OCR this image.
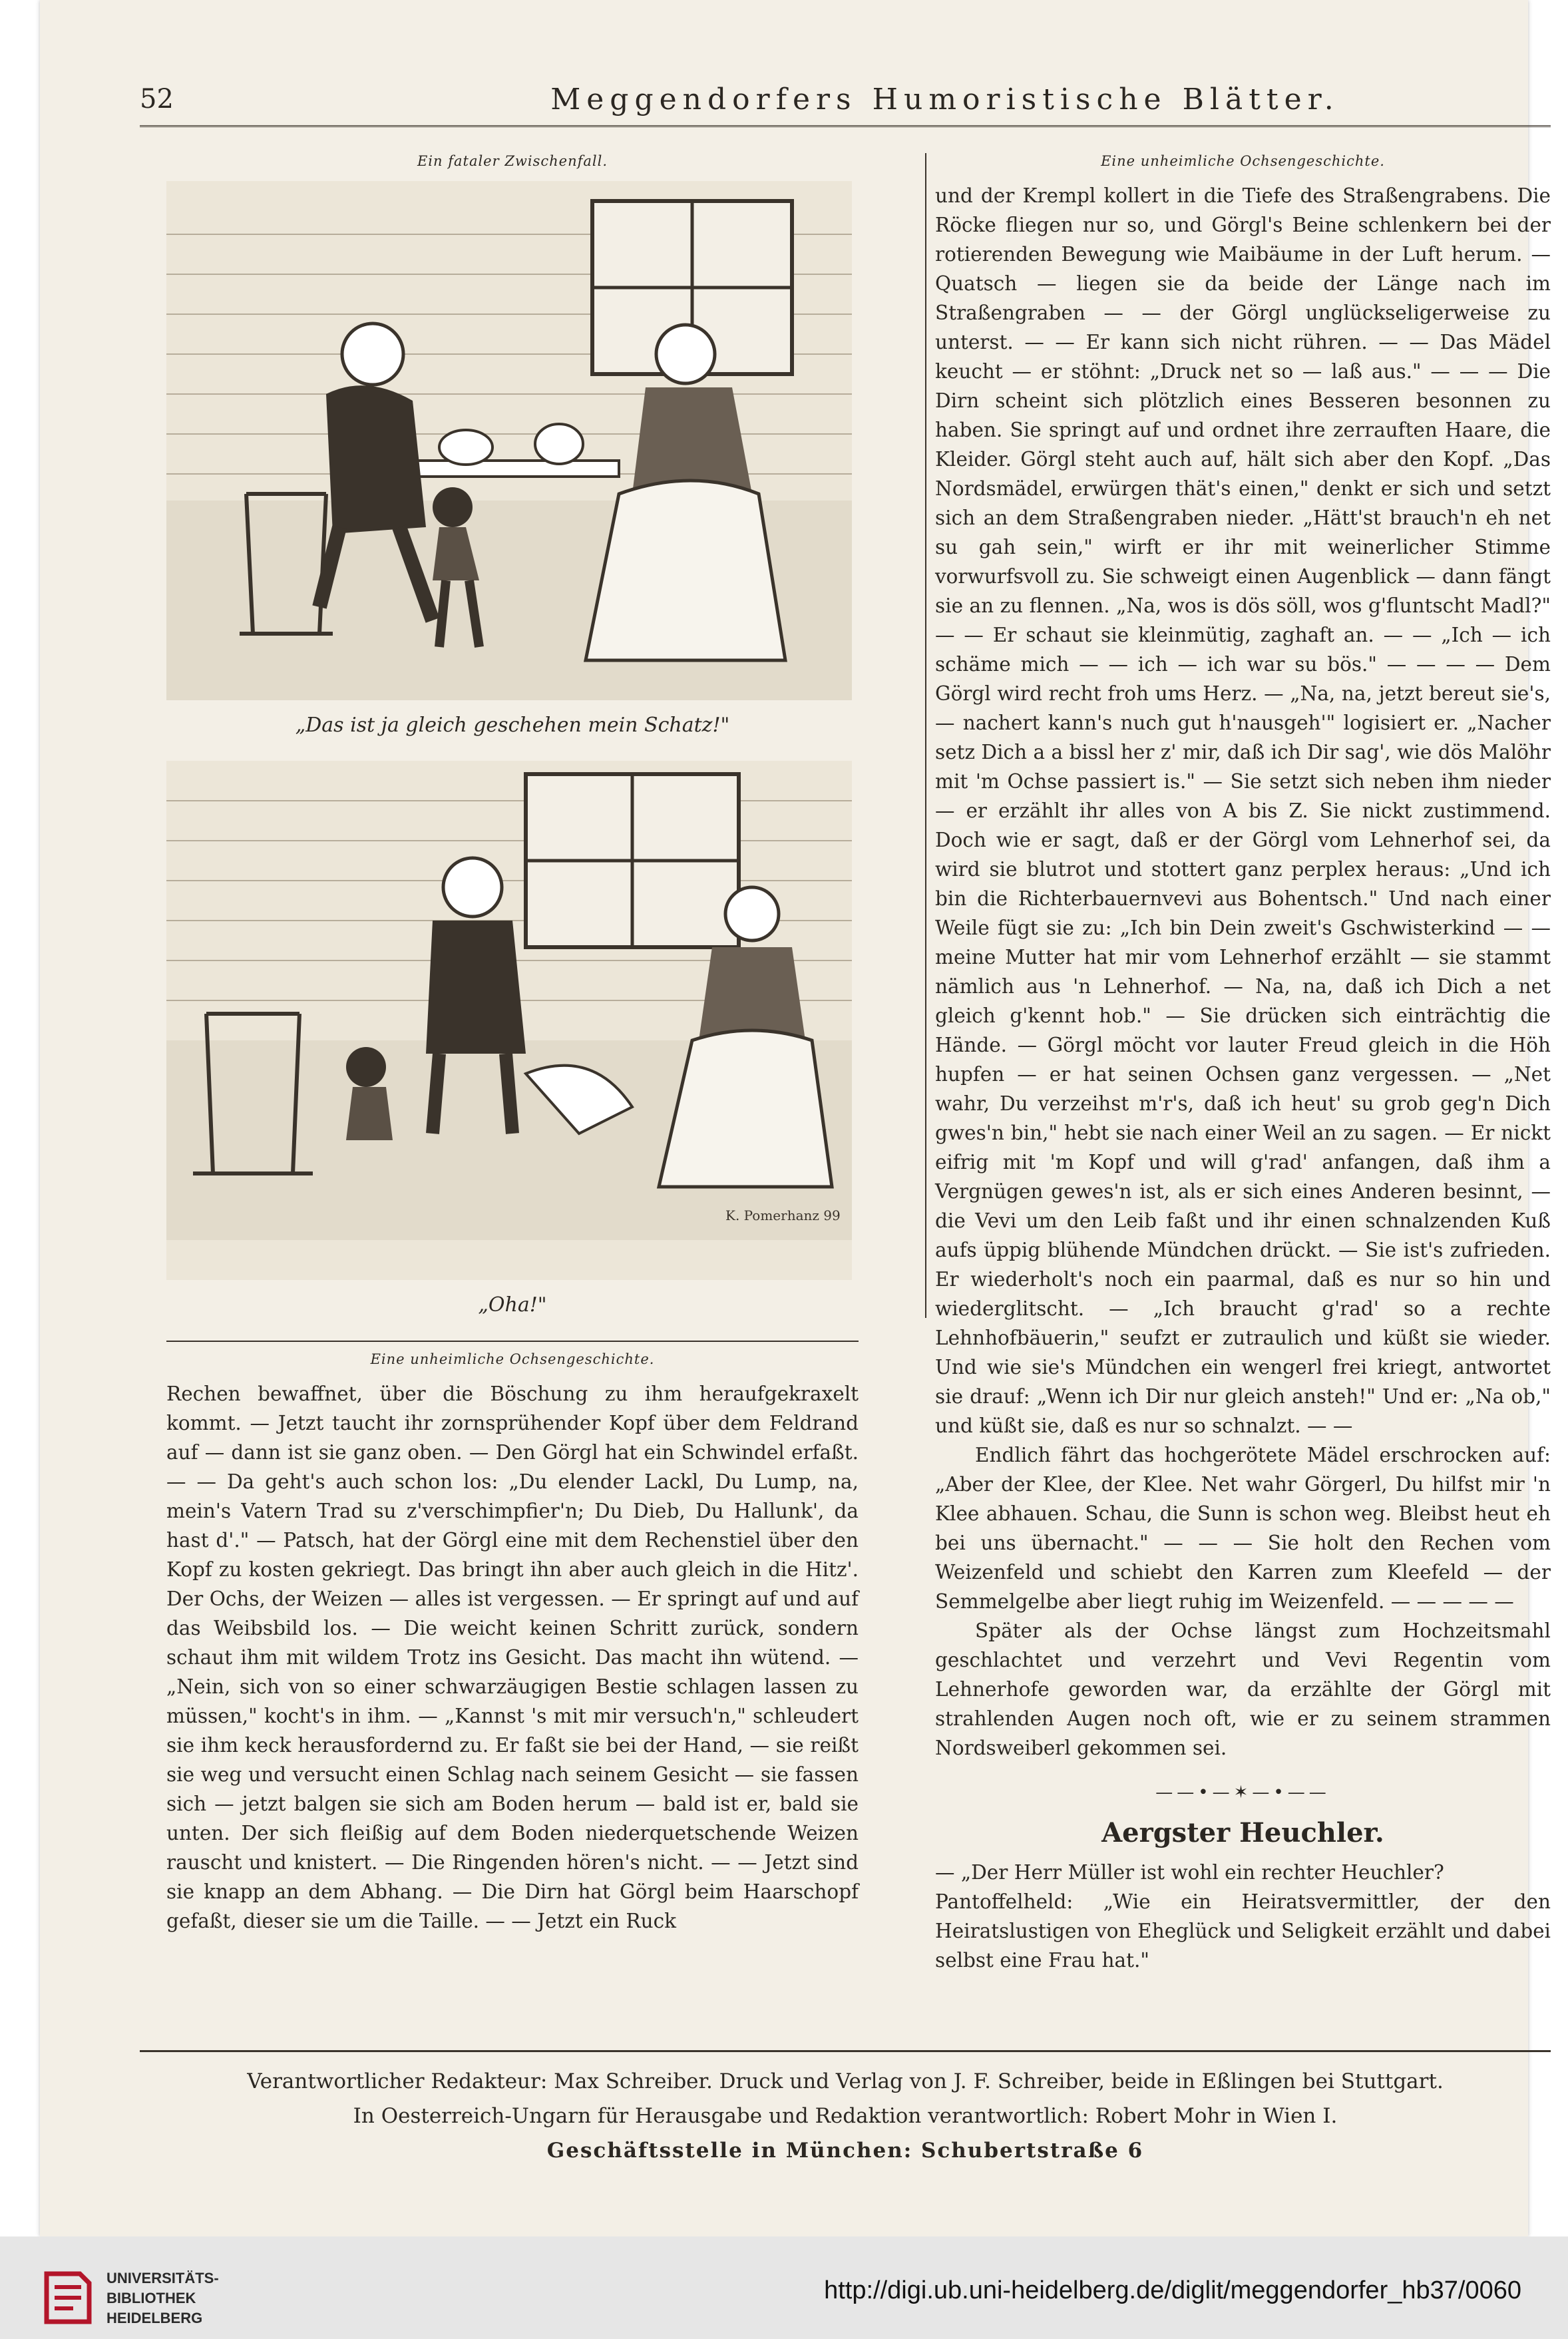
52	Meggendorfers Humoristische Blätter.
Ein fataler Zwischenfall.
„Das ist ja gleich geschehen mein Schatz!"
K. Pomerhanz 99
„Oha!"
Eine unheimliche Ochsengeschichte.

Rechen bewaffnet, über die Böschung zu ihm heraufgekraxelt kommt. — Jetzt taucht ihr zornsprühender Kopf über dem Feldrand auf — dann ist sie ganz oben. — Den Görgl hat ein Schwindel erfaßt. — — Da geht's auch schon los: „Du elender Lackl, Du Lump, na, mein's Vatern Trad su z'verschimpfier'n; Du Dieb, Du Hallunk', da hast d'." — Patsch, hat der Görgl eine mit dem Rechenstiel über den Kopf zu kosten gekriegt. Das bringt ihn aber auch gleich in die Hitz'. Der Ochs, der Weizen — alles ist vergessen. — Er springt auf und auf das Weibsbild los. — Die weicht keinen Schritt zurück, sondern schaut ihm mit wildem Trotz ins Gesicht. Das macht ihn wütend. — „Nein, sich von so einer schwarzäugigen Bestie schlagen lassen zu müssen," kocht's in ihm. — „Kannst 's mit mir versuch'n," schleudert sie ihm keck herausfordernd zu. Er faßt sie bei der Hand, — sie reißt sie weg und versucht einen Schlag nach seinem Gesicht — sie fassen sich — jetzt balgen sie sich am Boden herum — bald ist er, bald sie unten. Der sich fleißig auf dem Boden niederquetschende Weizen rauscht und knistert. — Die Ringenden hören's nicht. — — Jetzt sind sie knapp an dem Abhang. — Die Dirn hat Görgl beim Haarschopf gefaßt, dieser sie um die Taille. — — Jetzt ein Ruck

Eine unheimliche Ochsengeschichte.

und der Krempl kollert in die Tiefe des Straßengrabens. Die Röcke fliegen nur so, und Görgl's Beine schlenkern bei der rotierenden Bewegung wie Maibäume in der Luft herum. — Quatsch — liegen sie da beide der Länge nach im Straßengraben — — der Görgl unglückseligerweise zu unterst. — — Er kann sich nicht rühren. — — Das Mädel keucht — er stöhnt: „Druck net so — laß aus." — — — Die Dirn scheint sich plötzlich eines Besseren besonnen zu haben. Sie springt auf und ordnet ihre zerrauften Haare, die Kleider. Görgl steht auch auf, hält sich aber den Kopf. „Das Nordsmädel, erwürgen thät's einen," denkt er sich und setzt sich an dem Straßengraben nieder. „Hätt'st brauch'n eh net su gah sein," wirft er ihr mit weinerlicher Stimme vorwurfsvoll zu. Sie schweigt einen Augenblick — dann fängt sie an zu flennen. „Na, wos is dös söll, wos g'fluntscht Madl?" — — Er schaut sie kleinmütig, zaghaft an. — — „Ich — ich schäme mich — — ich — ich war su bös." — — — — Dem Görgl wird recht froh ums Herz. — „Na, na, jetzt bereut sie's, — nachert kann's nuch gut h'nausgeh'" logisiert er. „Nacher setz Dich a a bissl her z' mir, daß ich Dir sag', wie dös Malöhr mit 'm Ochse passiert is." — Sie setzt sich neben ihm nieder — er erzählt ihr alles von A bis Z. Sie nickt zustimmend. Doch wie er sagt, daß er der Görgl vom Lehnerhof sei, da wird sie blutrot und stottert ganz perplex heraus: „Und ich bin die Richterbauernvevi aus Bohentsch." Und nach einer Weile fügt sie zu: „Ich bin Dein zweit's Gschwisterkind — — meine Mutter hat mir vom Lehnerhof erzählt — sie stammt nämlich aus 'n Lehnerhof. — Na, na, daß ich Dich a net gleich g'kennt hob." — Sie drücken sich einträchtig die Hände. — Görgl möcht vor lauter Freud gleich in die Höh hupfen — er hat seinen Ochsen ganz vergessen. — „Net wahr, Du verzeihst m'r's, daß ich heut' su grob geg'n Dich gwes'n bin," hebt sie nach einer Weil an zu sagen. — Er nickt eifrig mit 'm Kopf und will g'rad' anfangen, daß ihm a Vergnügen gewes'n ist, als er sich eines Anderen besinnt, — die Vevi um den Leib faßt und ihr einen schnalzenden Kuß aufs üppig blühende Mündchen drückt. — Sie ist's zufrieden. Er wiederholt's noch ein paarmal, daß es nur so hin und wiederglitscht. — „Ich braucht g'rad' so a rechte Lehnhofbäuerin," seufzt er zutraulich und küßt sie wieder. Und wie sie's Mündchen ein wengerl frei kriegt, antwortet sie drauf: „Wenn ich Dir nur gleich ansteh!" Und er: „Na ob," und küßt sie, daß es nur so schnalzt. — —

Endlich fährt das hochgerötete Mädel erschrocken auf: „Aber der Klee, der Klee. Net wahr Görgerl, Du hilfst mir 'n Klee abhauen. Schau, die Sunn is schon weg. Bleibst heut eh bei uns übernacht." — — — Sie holt den Rechen vom Weizenfeld und schiebt den Karren zum Kleefeld — der Semmelgelbe aber liegt ruhig im Weizenfeld. — — — — —

Später als der Ochse längst zum Hochzeitsmahl geschlachtet und verzehrt und Vevi Regentin vom Lehnerhofe geworden war, da erzählte der Görgl mit strahlenden Augen noch oft, wie er zu seinem strammen Nordsweiberl gekommen sei.

——•—✶—•——
Aergster Heuchler.

— „Der Herr Müller ist wohl ein rechter Heuchler?

Pantoffelheld: „Wie ein Heiratsvermittler, der den Heiratslustigen von Eheglück und Seligkeit erzählt und dabei selbst eine Frau hat."

Verantwortlicher Redakteur: Max Schreiber. Druck und Verlag von J. F. Schreiber, beide in Eßlingen bei Stuttgart.
In Oesterreich-Ungarn für Herausgabe und Redaktion verantwortlich: Robert Mohr in Wien I.
Geschäftsstelle in München: Schubertstraße 6
UNIVERSITÄTS-
BIBLIOTHEK
HEIDELBERG
http://digi.ub.uni-heidelberg.de/diglit/meggendorfer_hb37/0060
